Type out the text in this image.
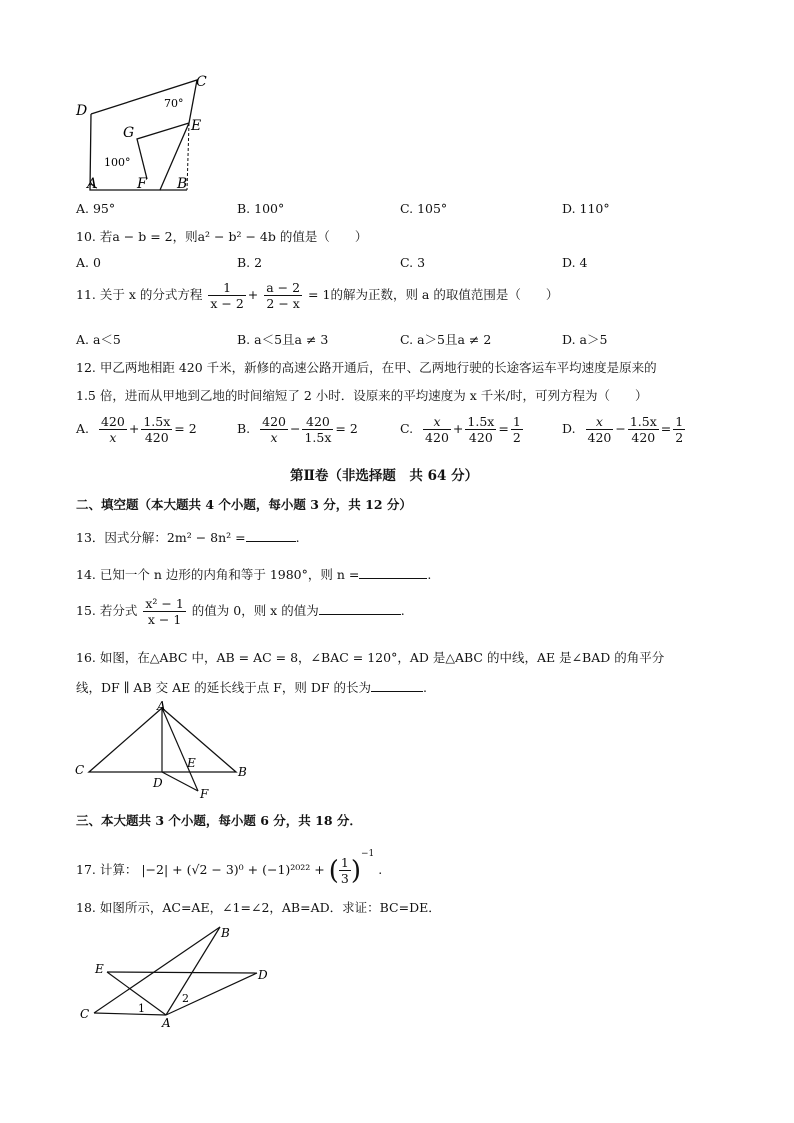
D
C
G	E
A	F B
70°
100°
A. 95°	B. 100°	C. 105°	D. 110°
10. 若a − b = 2，则a² − b² − 4b 的值是（　　）
A. 0	B. 2	C. 3	D. 4
11. 关于 x 的分式方程 $\frac{1}{x - 2} + \frac{a - 2}{2 - x} = 1$的解为正数，则 a 的取值范围是（　　）
A. a＜5	B. a＜5且a ≠ 3	C. a＞5且a ≠ 2	D. a＞5
12. 甲乙两地相距 420 千米，新修的高速公路开通后，在甲、乙两地行驶的长途客运车平均速度是原来的
1.5 倍，进而从甲地到乙地的时间缩短了 2 小时．设原来的平均速度为 x 千米/时，可列方程为（　　）
A. $\frac{420}{x} + \frac{1.5x}{420} = 2$	B. $\frac{420}{x} - \frac{420}{1.5x} = 2$	C. $\frac{x}{420} + \frac{1.5x}{420} = \frac{1}{2}$	D. $\frac{x}{420} - \frac{1.5x}{420} = \frac{1}{2}$
第Ⅱ卷（非选择题　共 64 分）
二、填空题（本大题共 4 个小题，每小题 3 分，共 12 分）
13．因式分解：2m² − 8n² =	.
14. 已知一个 n 边形的内角和等于 1980°，则 n =	.
15. 若分式 $\frac{\text{x² − 1}}{x - 1}$ 的值为 0，则 x 的值为	.
16. 如图，在△ABC 中，AB = AC = 8，∠BAC = 120°，AD 是△ABC 的中线，AE 是∠BAD 的角平分
线，DF ∥ AB 交 AE 的延长线于点 F，则 DF 的长为	.
A
B
C
D
E
F
三、本大题共 3 个小题，每小题 6 分，共 18 分．
17. 计算： |−2| + (√2 − 3)⁰ + (−1)²⁰²² + ( $\frac{1}{3} )^{-1}$ .
18. 如图所示，AC=AE，∠1=∠2，AB=AD．求证：BC=DE．
B
E	D
C
A
1
2
